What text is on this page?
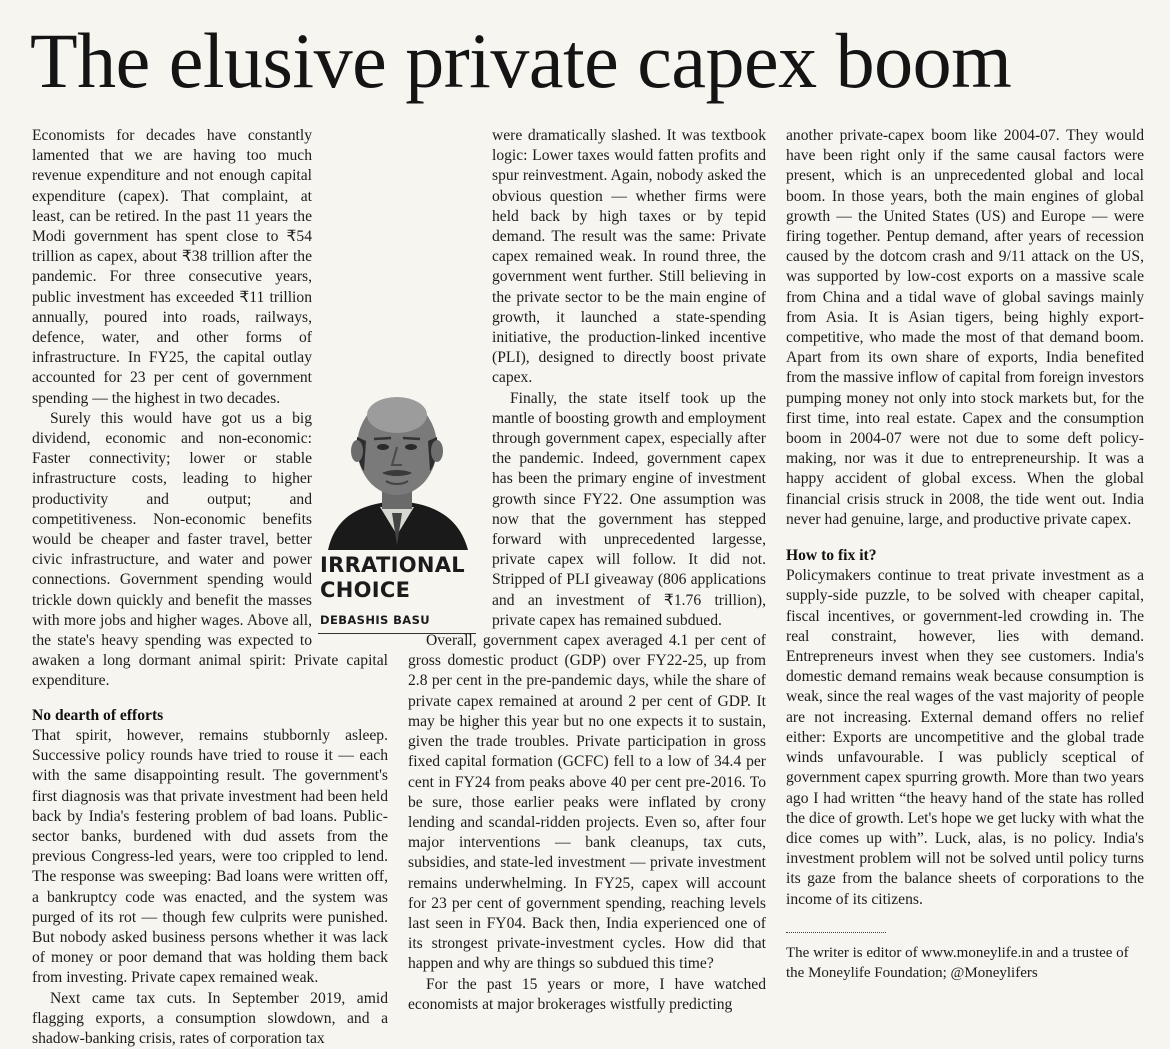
The elusive private capex boom

Economists for decades have constantly lamented that we are having too much revenue expenditure and not enough capital expenditure (capex). That complaint, at least, can be retired. In the past 11 years the Modi government has spent close to ₹54 trillion as capex, about ₹38 trillion after the pandemic. For three consecutive years, public investment has exceeded ₹11 trillion annually, poured into roads, railways, defence, water, and other forms of infrastructure. In FY25, the capital outlay accounted for 23 per cent of government spending — the highest in two decades.

Surely this would have got us a big dividend, economic and non-economic: Faster connectivity; lower or stable infrastructure costs, leading to higher productivity and output; and competitiveness. Non-economic benefits would be cheaper and faster travel, better civic infrastructure, and water and power connections. Government spending would trickle down quickly and benefit the masses with more jobs and higher wages. Above all, the state's heavy spending was expected to awaken a long dormant animal spirit: Private capital expenditure.

No dearth of efforts

That spirit, however, remains stubbornly asleep. Successive policy rounds have tried to rouse it — each with the same disappointing result. The government's first diagnosis was that private investment had been held back by India's festering problem of bad loans. Public-sector banks, burdened with dud assets from the previous Congress-led years, were too crippled to lend. The response was sweeping: Bad loans were written off, a bankruptcy code was enacted, and the system was purged of its rot — though few culprits were punished. But nobody asked business persons whether it was lack of money or poor demand that was holding them back from investing. Private capex remained weak.

Next came tax cuts. In September 2019, amid flagging exports, a consumption slowdown, and a shadow-banking crisis, rates of corporation tax

were dramatically slashed. It was textbook logic: Lower taxes would fatten profits and spur reinvestment. Again, nobody asked the obvious question — whether firms were held back by high taxes or by tepid demand. The result was the same: Private capex remained weak. In round three, the government went further. Still believing in the private sector to be the main engine of growth, it launched a state-spending initiative, the production-linked incentive (PLI), designed to directly boost private capex.

Finally, the state itself took up the mantle of boosting growth and employment through government capex, especially after the pandemic. Indeed, government capex has been the primary engine of investment growth since FY22. One assumption was now that the government has stepped forward with unprecedented largesse, private capex will follow. It did not. Stripped of PLI giveaway (806 applications and an investment of ₹1.76 trillion), private capex has remained subdued.

Overall, government capex averaged 4.1 per cent of gross domestic product (GDP) over FY22-25, up from 2.8 per cent in the pre-pandemic days, while the share of private capex remained at around 2 per cent of GDP. It may be higher this year but no one expects it to sustain, given the trade troubles. Private participation in gross fixed capital formation (GCFC) fell to a low of 34.4 per cent in FY24 from peaks above 40 per cent pre-2016. To be sure, those earlier peaks were inflated by crony lending and scandal-ridden projects. Even so, after four major interventions — bank cleanups, tax cuts, subsidies, and state-led investment — private investment remains underwhelming. In FY25, capex will account for 23 per cent of government spending, reaching levels last seen in FY04. Back then, India experienced one of its strongest private-investment cycles. How did that happen and why are things so subdued this time?

For the past 15 years or more, I have watched economists at major brokerages wistfully predicting

another private-capex boom like 2004-07. They would have been right only if the same causal factors were present, which is an unprecedented global and local boom. In those years, both the main engines of global growth — the United States (US) and Europe — were firing together. Pentup demand, after years of recession caused by the dotcom crash and 9/11 attack on the US, was supported by low-cost exports on a massive scale from China and a tidal wave of global savings mainly from Asia. It is Asian tigers, being highly export-competitive, who made the most of that demand boom. Apart from its own share of exports, India benefited from the massive inflow of capital from foreign investors pumping money not only into stock markets but, for the first time, into real estate. Capex and the consumption boom in 2004-07 were not due to some deft policy-making, nor was it due to entrepreneurship. It was a happy accident of global excess. When the global financial crisis struck in 2008, the tide went out. India never had genuine, large, and productive private capex.

How to fix it?

Policymakers continue to treat private investment as a supply-side puzzle, to be solved with cheaper capital, fiscal incentives, or government-led crowding in. The real constraint, however, lies with demand. Entrepreneurs invest when they see customers. India's domestic demand remains weak because consumption is weak, since the real wages of the vast majority of people are not increasing. External demand offers no relief either: Exports are uncompetitive and the global trade winds unfavourable. I was publicly sceptical of government capex spurring growth. More than two years ago I had written “the heavy hand of the state has rolled the dice of growth. Let's hope we get lucky with what the dice comes up with”. Luck, alas, is no policy. India's investment problem will not be solved until policy turns its gaze from the balance sheets of corporations to the income of its citizens.

The writer is editor of www.moneylife.in and a trustee of the Moneylife Foundation; @Moneylifers

IRRATIONAL
CHOICE
DEBASHIS BASU
